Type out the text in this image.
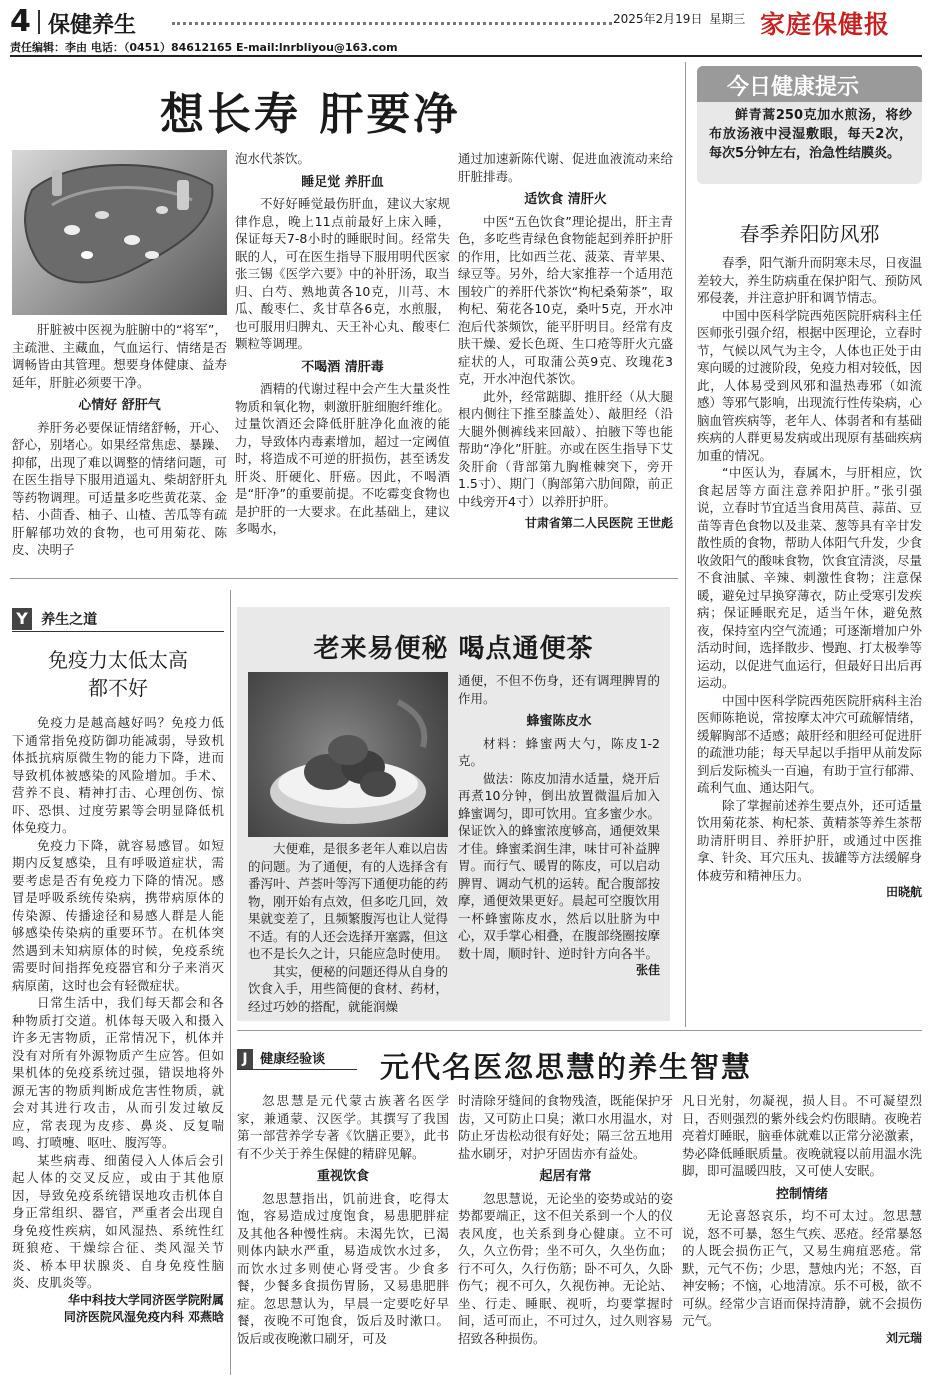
4 保健养生	2025年2月19日 星期三 家庭保健报
责任编辑：李由 电话：（0451）84612165 E-mail:lnrbliyou@163.com
想长寿 肝要净

肝脏被中医视为脏腑中的“将军”，主疏泄、主藏血，气血运行、情绪是否调畅皆由其管理。想要身体健康、益寿延年，肝脏必须要干净。

心情好 舒肝气

养肝务必要保证情绪舒畅，开心、舒心，别堵心。如果经常焦虑、暴躁、抑郁，出现了难以调整的情绪问题，可在医生指导下服用逍遥丸、柴胡舒肝丸等药物调理。可适量多吃些黄花菜、金桔、小茴香、柚子、山楂、苦瓜等有疏肝解郁功效的食物，也可用菊花、陈皮、决明子

泡水代茶饮。
睡足觉 养肝血

不好好睡觉最伤肝血，建议大家规律作息，晚上11点前最好上床入睡，保证每天7-8小时的睡眠时间。经常失眠的人，可在医生指导下服用明代医家张三锡《医学六要》中的补肝汤，取当归、白芍、熟地黄各10克，川芎、木瓜、酸枣仁、炙甘草各6克，水煎服，也可服用归脾丸、天王补心丸、酸枣仁颗粒等调理。

不喝酒 清肝毒

酒精的代谢过程中会产生大量炎性物质和氧化物，刺激肝脏细胞纤维化。过量饮酒还会降低肝脏净化血液的能力，导致体内毒素增加，超过一定阈值时，将造成不可逆的肝损伤，甚至诱发肝炎、肝硬化、肝癌。因此，不喝酒是“肝净”的重要前提。不吃霉变食物也是护肝的一大要求。在此基础上，建议多喝水，

通过加速新陈代谢、促进血液流动来给肝脏排毒。
适饮食 清肝火

中医“五色饮食”理论提出，肝主青色，多吃些青绿色食物能起到养肝护肝的作用，比如西兰花、菠菜、青苹果、绿豆等。另外，给大家推荐一个适用范围较广的养肝代茶饮“枸杞桑菊茶”，取枸杞、菊花各10克，桑叶5克，开水冲泡后代茶频饮，能平肝明目。经常有皮肤干燥、爱长色斑、生口疮等肝火亢盛症状的人，可取蒲公英9克、玫瑰花3克，开水冲泡代茶饮。

此外，经常踮脚、推肝经（从大腿根内侧往下推至膝盖处）、敲胆经（沿大腿外侧裤线来回敲）、拍腋下等也能帮助“净化”肝脏。亦或在医生指导下艾灸肝俞（背部第九胸椎棘突下，旁开1.5寸）、期门（胸部第六肋间隙，前正中线旁开4寸）以养肝护肝。

甘肃省第二人民医院 王世彪
今日健康提示
鲜青蒿250克加水煎汤，将纱布放汤液中浸湿敷眼，每天2次，每次5分钟左右，治急性结膜炎。
春季养阳防风邪

春季，阳气渐升而阴寒未尽，日夜温差较大，养生防病重在保护阳气、预防风邪侵袭，并注意护肝和调节情志。

中国中医科学院西苑医院肝病科主任医师张引强介绍，根据中医理论，立春时节，气候以风气为主令，人体也正处于由寒向暖的过渡阶段，免疫力相对较低，因此，人体易受到风邪和温热毒邪（如流感）等邪气影响，出现流行性传染病，心脑血管疾病等，老年人、体弱者和有基础疾病的人群更易发病或出现原有基础疾病加重的情况。

“中医认为，春属木，与肝相应，饮食起居等方面注意养阳护肝。”张引强说，立春时节宜适当食用莴苣、蒜苗、豆苗等青色食物以及韭菜、葱等具有辛甘发散性质的食物，帮助人体阳气升发，少食收敛阳气的酸味食物，饮食宜清淡，尽量不食油腻、辛辣、刺激性食物；注意保暖，避免过早换穿薄衣，防止受寒引发疾病；保证睡眠充足，适当午休，避免熬夜，保持室内空气流通；可逐渐增加户外活动时间，选择散步、慢跑、打太极拳等运动，以促进气血运行，但最好日出后再运动。

中国中医科学院西苑医院肝病科主治医师陈艳说，常按摩太冲穴可疏解情绪，缓解胸部不适感；敲肝经和胆经可促进肝的疏泄功能；每天早起以手指甲从前发际到后发际梳头一百遍，有助于宣行郁滞、疏利气血、通达阳气。

除了掌握前述养生要点外，还可适量饮用菊花茶、枸杞茶、黄精茶等养生茶帮助清肝明目、养肝护肝，或通过中医推拿、针灸、耳穴压丸、拔罐等方法缓解身体疲劳和精神压力。

田晓航
Y 养生之道
免疫力太低太高
都不好

免疫力是越高越好吗？免疫力低下通常指免疫防御功能减弱，导致机体抵抗病原微生物的能力下降，进而导致机体被感染的风险增加。手术、营养不良、精神打击、心理创伤、惊吓、恐惧、过度劳累等会明显降低机体免疫力。

免疫力下降，就容易感冒。如短期内反复感染，且有呼吸道症状，需要考虑是否有免疫力下降的情况。感冒是呼吸系统传染病，携带病原体的传染源、传播途径和易感人群是人能够感染传染病的重要环节。在机体突然遇到未知病原体的时候，免疫系统需要时间指挥免疫器官和分子来消灭病原菌，这时也会有轻微症状。

日常生活中，我们每天都会和各种物质打交道。机体每天吸入和摄入许多无害物质，正常情况下，机体并没有对所有外源物质产生应答。但如果机体的免疫系统过强，错误地将外源无害的物质判断成危害性物质，就会对其进行攻击，从而引发过敏反应，常表现为皮疹、鼻炎、反复喘鸣、打喷嚏、呕吐、腹泻等。

某些病毒、细菌侵入人体后会引起人体的交叉反应，或由于其他原因，导致免疫系统错误地攻击机体自身正常组织、器官，严重者会出现自身免疫性疾病，如风湿热、系统性红斑狼疮、干燥综合征、类风湿关节炎、桥本甲状腺炎、自身免疫性脑炎、皮肌炎等。

华中科技大学同济医学院附属
同济医院风湿免疫内科 邓燕晗
老来易便秘 喝点通便茶

大便难，是很多老年人难以启齿的问题。为了通便，有的人选择含有番泻叶、芦荟叶等泻下通便功能的药物，刚开始有点效，但多吃几回，效果就变差了，且频繁腹泻也让人觉得不适。有的人还会选择开塞露，但这也不是长久之计，只能应急时使用。

其实，便秘的问题还得从自身的饮食入手，用些简便的食材、药材，经过巧妙的搭配，就能润燥

通便，不但不伤身，还有调理脾胃的作用。
蜂蜜陈皮水

材料：蜂蜜两大勺，陈皮1-2克。

做法：陈皮加清水适量，烧开后再煮10分钟，倒出放置微温后加入蜂蜜调匀，即可饮用。宜多蜜少水。保证饮入的蜂蜜浓度够高，通便效果才佳。蜂蜜柔润生津，味甘可补益脾胃。而行气、暖胃的陈皮，可以启动脾胃、调动气机的运转。配合腹部按摩，通便效果更好。晨起可空腹饮用一杯蜂蜜陈皮水，然后以肚脐为中心，双手掌心相叠，在腹部绕圈按摩数十周，顺时针、逆时针方向各半。

张佳
J 健康经验谈	元代名医忽思慧的养生智慧

忽思慧是元代蒙古族著名医学家，兼通蒙、汉医学。其撰写了我国第一部营养学专著《饮膳正要》，此书有不少关于养生保健的精辟见解。

重视饮食

忽思慧指出，饥前进食，吃得太饱，容易造成过度饱食，易患肥胖症及其他各种慢性病。未渴先饮，已渴则体内缺水严重，易造成饮水过多，而饮水过多则使心肾受害。少食多餐，少餐多食损伤胃肠，又易患肥胖症。忽思慧认为，早晨一定要吃好早餐，夜晚不可饱食，饭后及时漱口。饭后或夜晚漱口刷牙，可及

时清除牙缝间的食物残渣，既能保护牙齿，又可防止口臭；漱口水用温水，对防止牙齿松动很有好处；隔三岔五地用盐水刷牙，对护牙固齿亦有益处。
起居有常

忽思慧说，无论坐的姿势或站的姿势都要端正，这不但关系到一个人的仪表风度，也关系到身心健康。立不可久，久立伤骨；坐不可久，久坐伤血；行不可久，久行伤筋；卧不可久，久卧伤气；视不可久，久视伤神。无论站、坐、行走、睡眠、视听，均要掌握时间，适可而止，不可过久，过久则容易招致各种损伤。

凡日光射，勿凝视，损人目。不可凝望烈日，否则强烈的紫外线会灼伤眼睛。夜晚若亮着灯睡眠，脑垂体就难以正常分泌激素，势必降低睡眠质量。夜晚就寝以前用温水洗脚，即可温暖四肢，又可使人安眠。
控制情绪

无论喜怒哀乐，均不可太过。忽思慧说，怒不可暴，怒生气疾、恶疮。经常暴怒的人既会损伤正气，又易生痈疽恶疮。常默，元气不伤；少思，慧烛内光；不怒，百神安畅；不恼，心地清凉。乐不可极，欲不可纵。经常少言语而保持清静，就不会损伤元气。

刘元瑞
